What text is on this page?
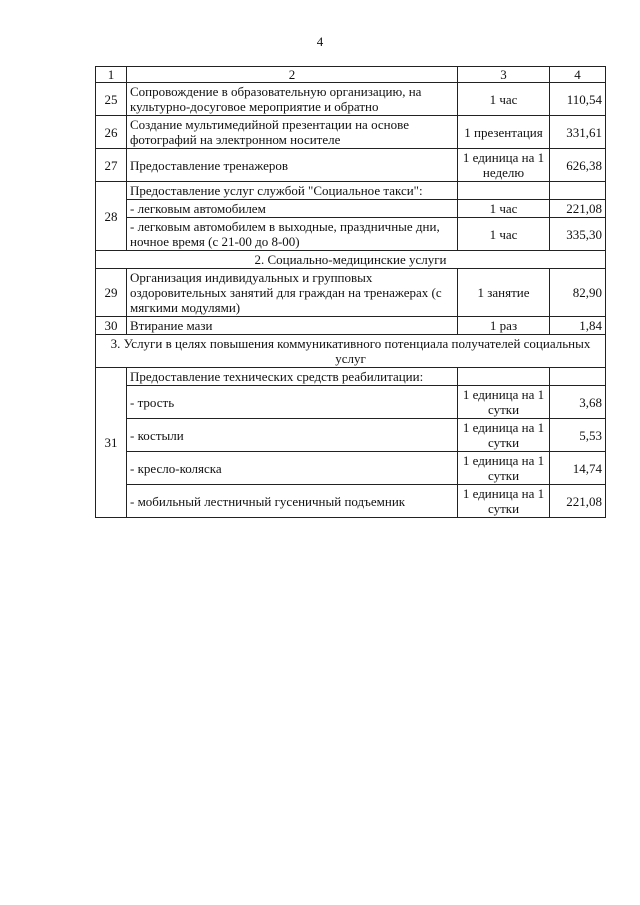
4
1	2	3	4
25	Сопровождение в образовательную организацию, на культурно-досуговое мероприятие и обратно	1 час	110,54
26	Создание мультимедийной презентации на основе фотографий на электронном носителе	1 презентация	331,61
27	Предоставление тренажеров	1 единица на 1 неделю	626,38
28	Предоставление услуг службой "Социальное такси":		
	- легковым автомобилем	1 час	221,08
	- легковым автомобилем в выходные, праздничные дни, ночное время (с 21-00 до 8-00)	1 час	335,30
2. Социально-медицинские услуги			
29	Организация индивидуальных и групповых оздоровительных занятий для граждан на тренажерах (с мягкими модулями)	1 занятие	82,90
30	Втирание мази	1 раз	1,84
3. Услуги в целях повышения коммуникативного потенциала получателей социальных услуг			
31	Предоставление технических средств реабилитации:		
	- трость	1 единица на 1 сутки	3,68
	- костыли	1 единица на 1 сутки	5,53
	- кресло-коляска	1 единица на 1 сутки	14,74
	- мобильный лестничный гусеничный подъемник	1 единица на 1 сутки	221,08
